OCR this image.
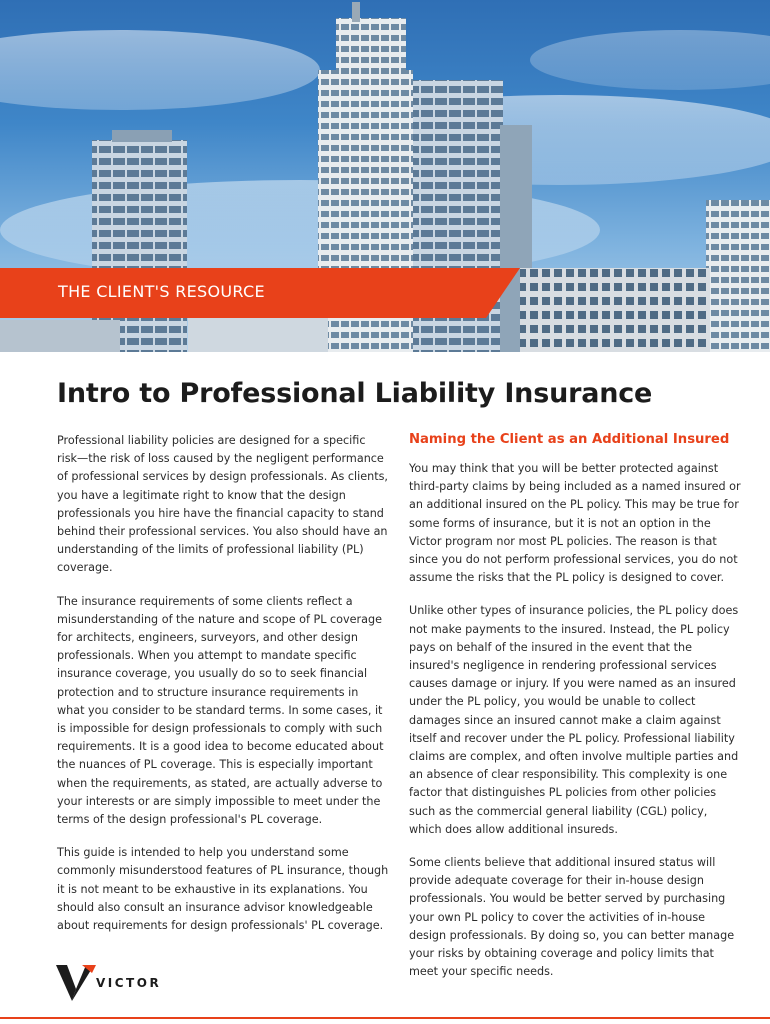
THE CLIENT'S RESOURCE
Intro to Professional Liability Insurance

Professional liability policies are designed for a specific risk—the risk of loss caused by the negligent performance of professional services by design professionals. As clients, you have a legitimate right to know that the design professionals you hire have the financial capacity to stand behind their professional services. You also should have an understanding of the limits of professional liability (PL) coverage.

The insurance requirements of some clients reflect a misunderstanding of the nature and scope of PL coverage for architects, engineers, surveyors, and other design professionals. When you attempt to mandate specific insurance coverage, you usually do so to seek financial protection and to structure insurance requirements in what you consider to be standard terms. In some cases, it is impossible for design professionals to comply with such requirements. It is a good idea to become educated about the nuances of PL coverage. This is especially important when the requirements, as stated, are actually adverse to your interests or are simply impossible to meet under the terms of the design professional's PL coverage.

This guide is intended to help you understand some commonly misunderstood features of PL insurance, though it is not meant to be exhaustive in its explanations. You should also consult an insurance advisor knowledgeable about requirements for design professionals' PL coverage.

Naming the Client as an Additional Insured

You may think that you will be better protected against third-party claims by being included as a named insured or an additional insured on the PL policy. This may be true for some forms of insurance, but it is not an option in the Victor program nor most PL policies. The reason is that since you do not perform professional services, you do not assume the risks that the PL policy is designed to cover.

Unlike other types of insurance policies, the PL policy does not make payments to the insured. Instead, the PL policy pays on behalf of the insured in the event that the insured's negligence in rendering professional services causes damage or injury. If you were named as an insured under the PL policy, you would be unable to collect damages since an insured cannot make a claim against itself and recover under the PL policy. Professional liability claims are complex, and often involve multiple parties and an absence of clear responsibility. This complexity is one factor that distinguishes PL policies from other policies such as the commercial general liability (CGL) policy, which does allow additional insureds.

Some clients believe that additional insured status will provide adequate coverage for their in-house design professionals. You would be better served by purchasing your own PL policy to cover the activities of in-house design professionals. By doing so, you can better manage your risks by obtaining coverage and policy limits that meet your specific needs.

VICTOR
